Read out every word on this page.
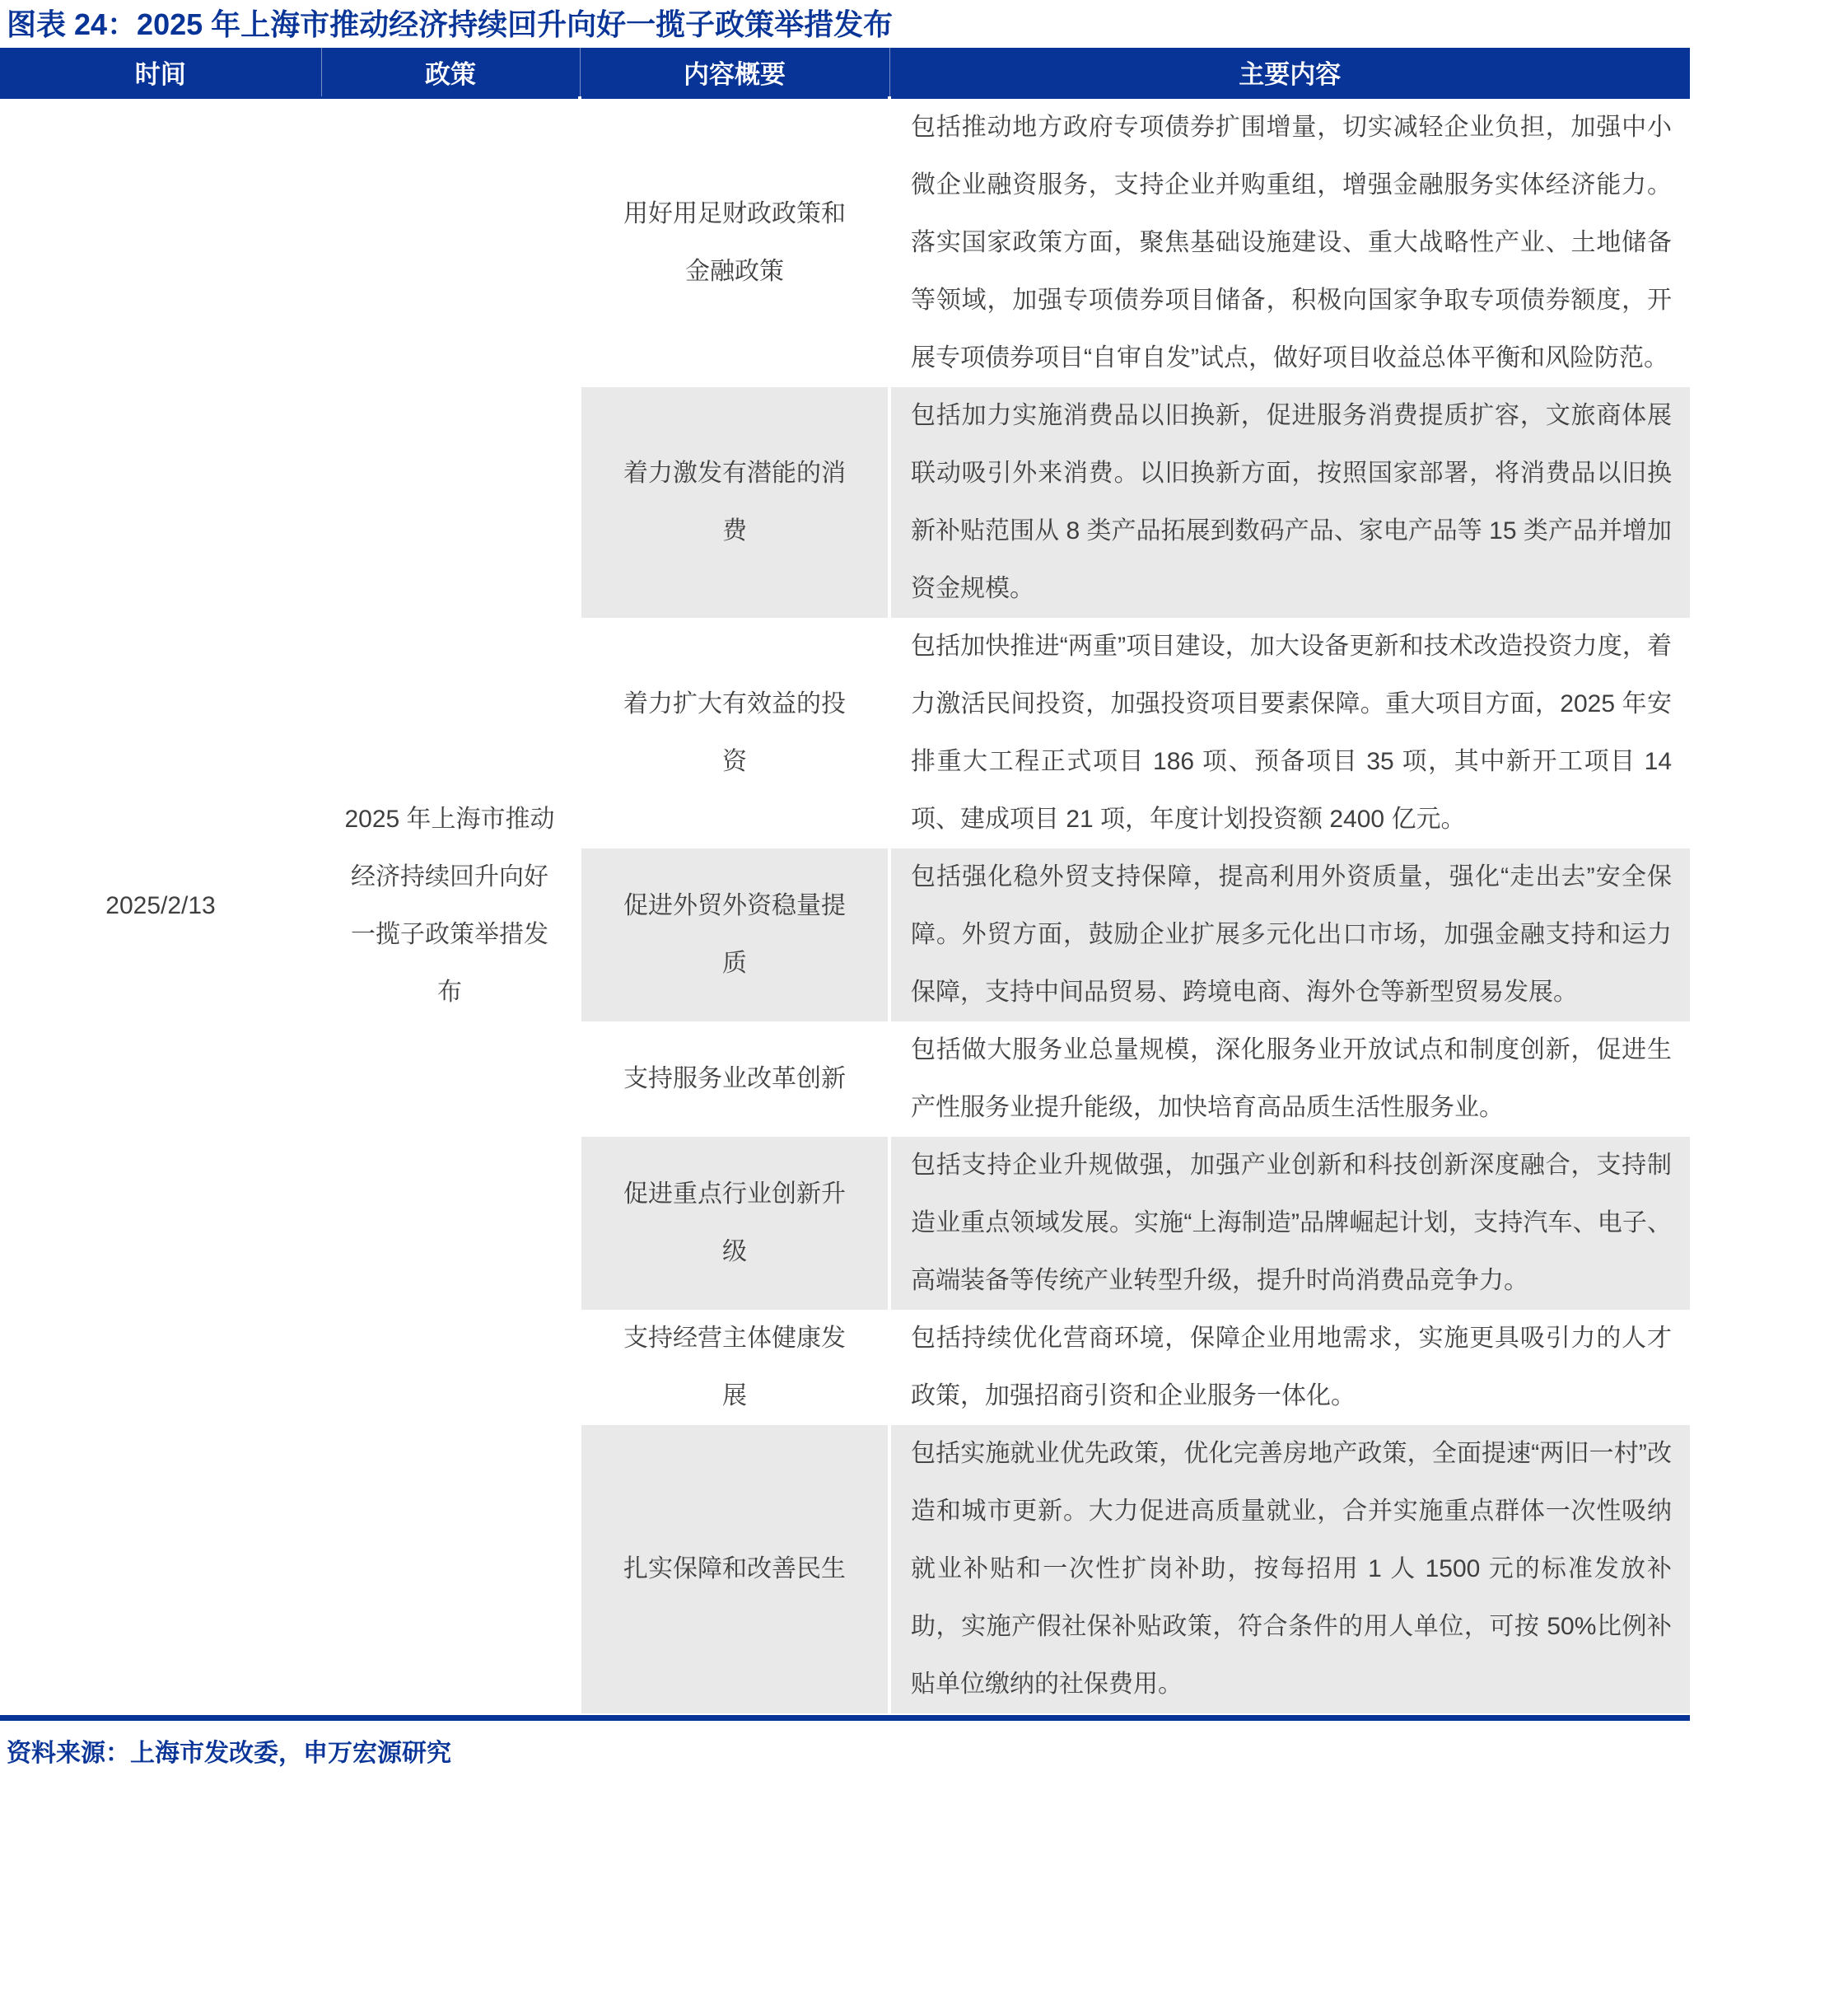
图表 24：2025 年上海市推动经济持续回升向好一揽子政策举措发布
时间	政策	内容概要	主要内容
2025/2/13	2025 年上海市推动经济持续回升向好一揽子政策举措发布	用好用足财政政策和金融政策	包括推动地方政府专项债券扩围增量，切实减轻企业负担，加强中小微企业融资服务，支持企业并购重组，增强金融服务实体经济能力。落实国家政策方面，聚焦基础设施建设、重大战略性产业、土地储备等领域，加强专项债券项目储备，积极向国家争取专项债券额度，开展专项债券项目“自审自发”试点，做好项目收益总体平衡和风险防范。
		着力激发有潜能的消费	包括加力实施消费品以旧换新，促进服务消费提质扩容，文旅商体展联动吸引外来消费。以旧换新方面，按照国家部署，将消费品以旧换新补贴范围从 8 类产品拓展到数码产品、家电产品等 15 类产品并增加资金规模。
		着力扩大有效益的投资	包括加快推进“两重”项目建设，加大设备更新和技术改造投资力度，着力激活民间投资，加强投资项目要素保障。重大项目方面，2025 年安排重大工程正式项目 186 项、预备项目 35 项，其中新开工项目 14 项、建成项目 21 项，年度计划投资额 2400 亿元。
		促进外贸外资稳量提质	包括强化稳外贸支持保障，提高利用外资质量，强化“走出去”安全保障。外贸方面，鼓励企业扩展多元化出口市场，加强金融支持和运力保障，支持中间品贸易、跨境电商、海外仓等新型贸易发展。
		支持服务业改革创新	包括做大服务业总量规模，深化服务业开放试点和制度创新，促进生产性服务业提升能级，加快培育高品质生活性服务业。
		促进重点行业创新升级	包括支持企业升规做强，加强产业创新和科技创新深度融合，支持制造业重点领域发展。实施“上海制造”品牌崛起计划，支持汽车、电子、高端装备等传统产业转型升级，提升时尚消费品竞争力。
		支持经营主体健康发展	包括持续优化营商环境，保障企业用地需求，实施更具吸引力的人才政策，加强招商引资和企业服务一体化。
		扎实保障和改善民生	包括实施就业优先政策，优化完善房地产政策，全面提速“两旧一村”改造和城市更新。大力促进高质量就业，合并实施重点群体一次性吸纳就业补贴和一次性扩岗补助，按每招用 1 人 1500 元的标准发放补助，实施产假社保补贴政策，符合条件的用人单位，可按 50%比例补贴单位缴纳的社保费用。
资料来源：上海市发改委，申万宏源研究
